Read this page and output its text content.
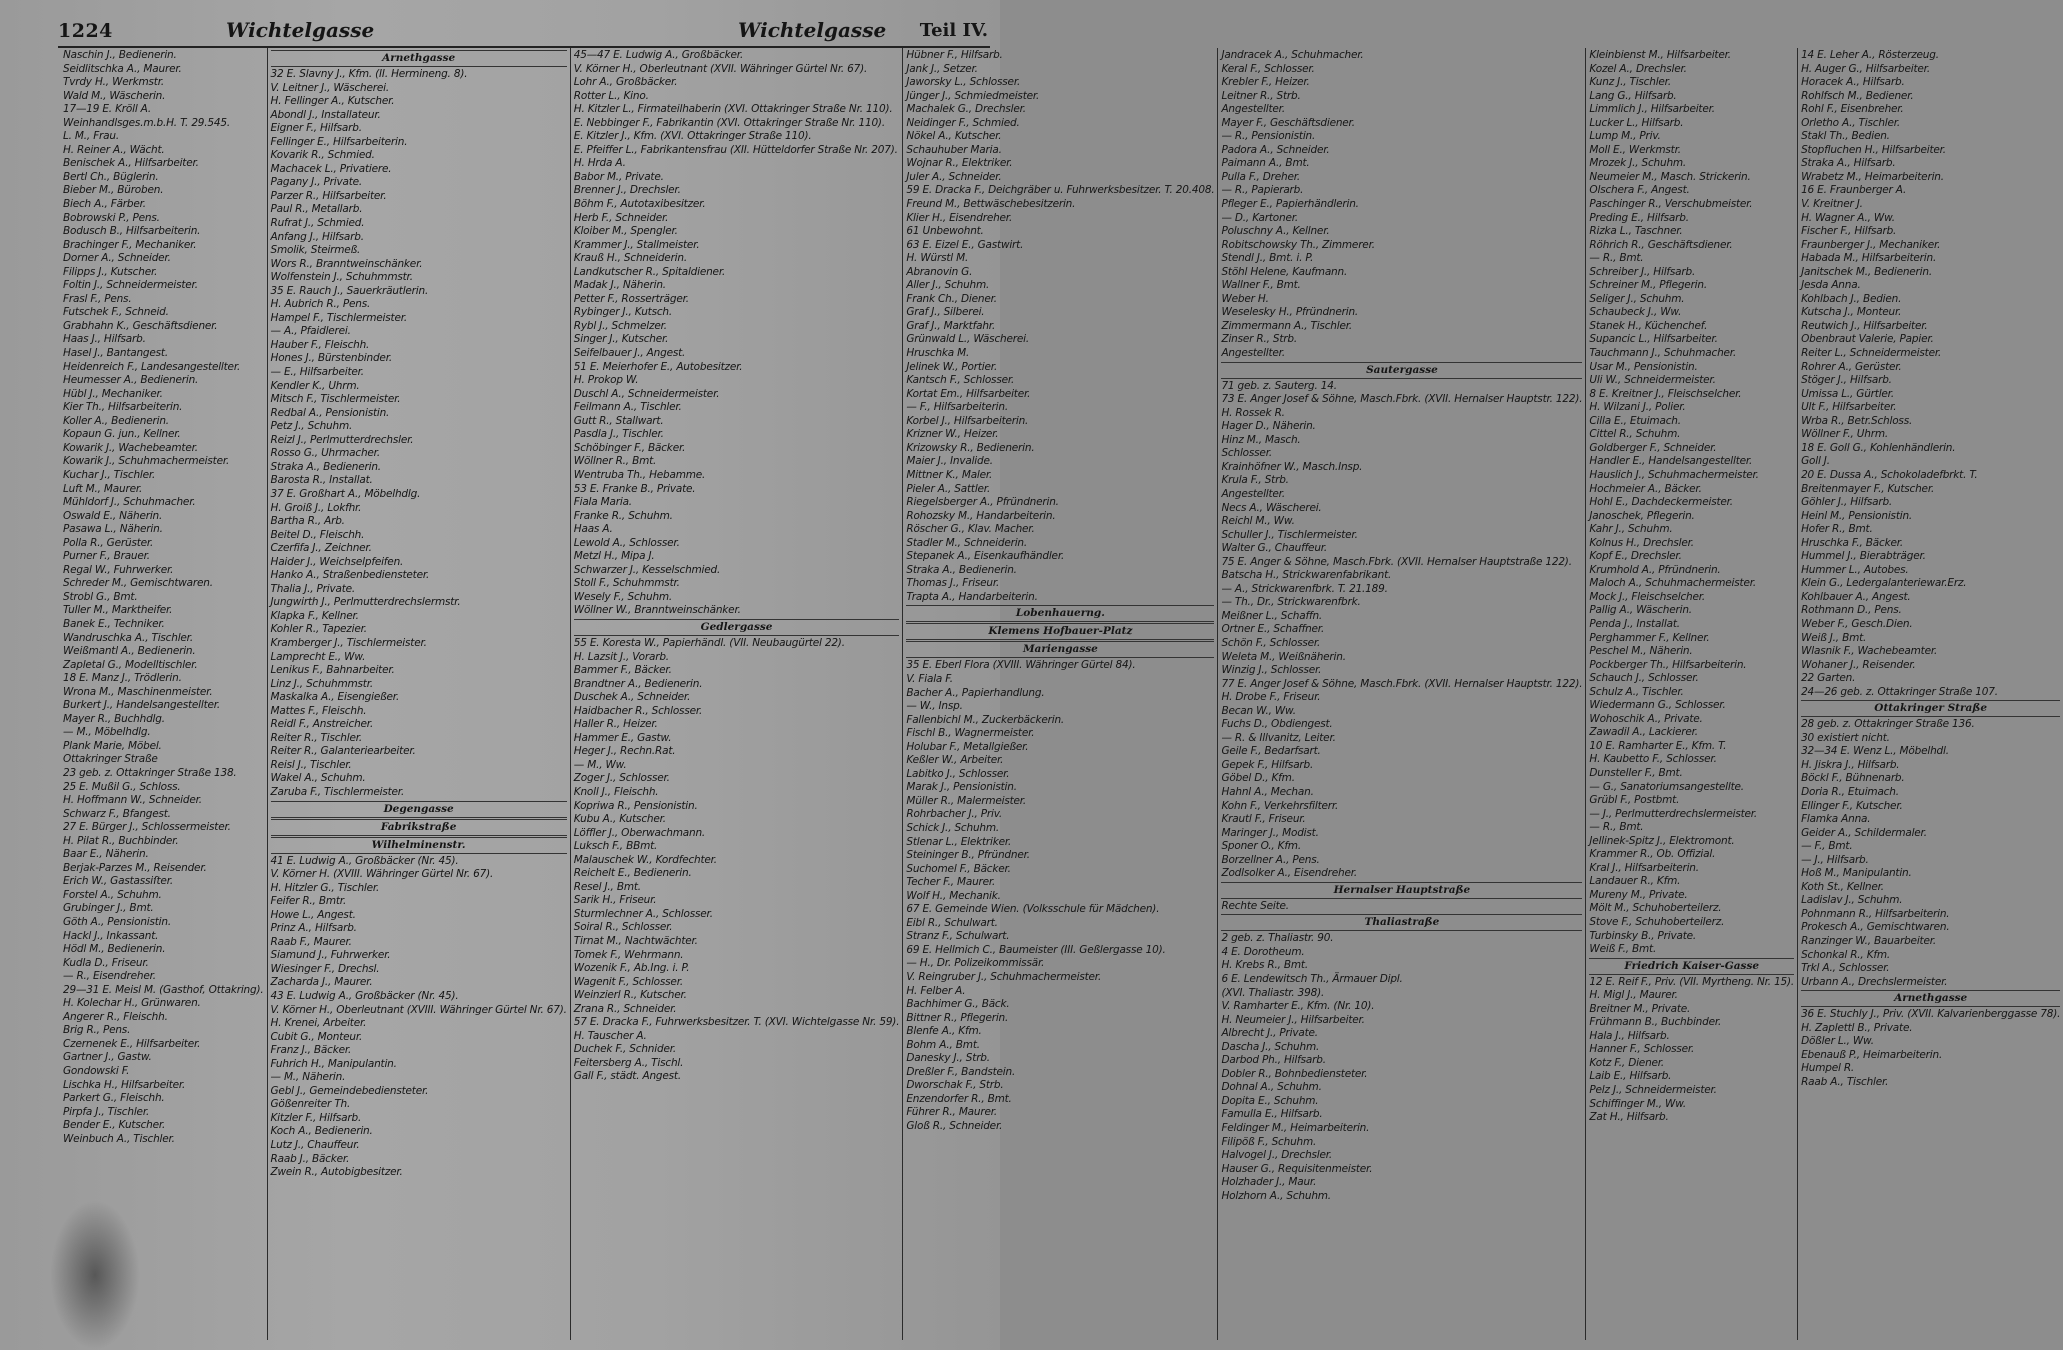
1224	Wichtelgasse	Wichtelgasse Teil IV.
Naschin J., Bedienerin.
Seidlitschka A., Maurer.
Tvrdy H., Werkmstr.
Wald M., Wäscherin.
17—19 E. Kröll A.
Weinhandlsges.m.b.H. T. 29.545.
L. M., Frau.
H. Reiner A., Wächt.
Benischek A., Hilfsarbeiter.
Bertl Ch., Büglerin.
Bieber M., Büroben.
Biech A., Färber.
Bobrowski P., Pens.
Bodusch B., Hilfsarbeiterin.
Brachinger F., Mechaniker.
Dorner A., Schneider.
Filipps J., Kutscher.
Foltin J., Schneidermeister.
Frasl F., Pens.
Futschek F., Schneid.
Grabhahn K., Geschäftsdiener.
Haas J., Hilfsarb.
Hasel J., Bantangest.
Heidenreich F., Landesangestellter.
Heumesser A., Bedienerin.
Hübl J., Mechaniker.
Kier Th., Hilfsarbeiterin.
Koller A., Bedienerin.
Kopaun G. jun., Kellner.
Kowarik J., Wachebeamter.
Kowarik J., Schuhmachermeister.
Kuchar J., Tischler.
Luft M., Maurer.
Mühldorf J., Schuhmacher.
Oswald E., Näherin.
Pasawa L., Näherin.
Polla R., Gerüster.
Purner F., Brauer.
Regal W., Fuhrwerker.
Schreder M., Gemischtwaren.
Strobl G., Bmt.
Tuller M., Marktheifer.
Banek E., Techniker.
Wandruschka A., Tischler.
Weißmantl A., Bedienerin.
Zapletal G., Modelltischler.
18 E. Manz J., Trödlerin.
Wrona M., Maschinenmeister.
Burkert J., Handelsangestellter.
Mayer R., Buchhdlg.
— M., Möbelhdlg.
Plank Marie, Möbel.
Ottakringer Straße
23 geb. z. Ottakringer Straße 138.
25 E. Mußil G., Schloss.
H. Hoffmann W., Schneider.
Schwarz F., Bfangest.
27 E. Bürger J., Schlossermeister.
H. Pilat R., Buchbinder.
Baar E., Näherin.
Berjak-Parzes M., Reisender.
Erich W., Gastassiſter.
Forstel A., Schuhm.
Grubinger J., Bmt.
Göth A., Pensionistin.
Hackl J., Inkassant.
Hödl M., Bedienerin.
Kudla D., Friseur.
— R., Eisendreher.
29—31 E. Meisl M. (Gasthof, Ottakring).
H. Kolechar H., Grünwaren.
Angerer R., Fleischh.
Brig R., Pens.
Czernenek E., Hilfsarbeiter.
Gartner J., Gastw.
Gondowski F.
Lischka H., Hilfsarbeiter.
Parkert G., Fleischh.
Pirpfa J., Tischler.
Bender E., Kutscher.
Weinbuch A., Tischler.
Arnethgasse
32 E. Slavny J., Kfm. (II. Hermineng. 8).
V. Leitner J., Wäscherei.
H. Fellinger A., Kutscher.
Abondl J., Installateur.
Eigner F., Hilfsarb.
Fellinger E., Hilfsarbeiterin.
Kovarik R., Schmied.
Machacek L., Privatiere.
Pagany J., Private.
Parzer R., Hilfsarbeiter.
Paul R., Metallarb.
Rufrat J., Schmied.
Anfang J., Hilfsarb.
Smolik, Steirmeß.
Wors R., Branntweinschänker.
Wolfenstein J., Schuhmmstr.
35 E. Rauch J., Sauerkräutlerin.
H. Aubrich R., Pens.
Hampel F., Tischlermeister.
— A., Pfaidlerei.
Hauber F., Fleischh.
Hones J., Bürstenbinder.
— E., Hilfsarbeiter.
Kendler K., Uhrm.
Mitsch F., Tischlermeister.
Redbal A., Pensionistin.
Petz J., Schuhm.
Reizl J., Perlmutterdrechsler.
Rosso G., Uhrmacher.
Straka A., Bedienerin.
Barosta R., Installat.
37 E. Großhart A., Möbelhdlg.
H. Groiß J., Lokfhr.
Bartha R., Arb.
Beitel D., Fleischh.
Czerfifa J., Zeichner.
Haider J., Weichselpfeifen.
Hanko A., Straßenbediensteter.
Thalia J., Private.
Jungwirth J., Perlmutterdrechslermstr.
Klapka F., Kellner.
Kohler R., Tapezier.
Kramberger J., Tischlermeister.
Lamprecht E., Ww.
Lenikus F., Bahnarbeiter.
Linz J., Schuhmmstr.
Maskalka A., Eisengießer.
Mattes F., Fleischh.
Reidl F., Anstreicher.
Reiter R., Tischler.
Reiter R., Galanteriearbeiter.
Reisl J., Tischler.
Wakel A., Schuhm.
Zaruba F., Tischlermeister.
Degengasse
Fabrikstraße
Wilhelminenstr.
41 E. Ludwig A., Großbäcker (Nr. 45).
V. Körner H. (XVIII. Währinger Gürtel Nr. 67).
H. Hitzler G., Tischler.
Feifer R., Bmtr.
Howe L., Angest.
Prinz A., Hilfsarb.
Raab F., Maurer.
Siamund J., Fuhrwerker.
Wiesinger F., Drechsl.
Zacharda J., Maurer.
43 E. Ludwig A., Großbäcker (Nr. 45).
V. Körner H., Oberleutnant (XVIII. Währinger Gürtel Nr. 67).
H. Krenei, Arbeiter.
Cubit G., Monteur.
Franz J., Bäcker.
Fuhrich H., Manipulantin.
— M., Näherin.
Gebl J., Gemeindebediensteter.
Gößenreiter Th.
Kitzler F., Hilfsarb.
Koch A., Bedienerin.
Lutz J., Chauffeur.
Raab J., Bäcker.
Zwein R., Autobigbesitzer.
45—47 E. Ludwig A., Großbäcker.
V. Körner H., Oberleutnant (XVII. Währinger Gürtel Nr. 67).
Lohr A., Großbäcker.
Rotter L., Kino.
H. Kitzler L., Firmateilhaberin (XVI. Ottakringer Straße Nr. 110).
E. Nebbinger F., Fabrikantin (XVI. Ottakringer Straße Nr. 110).
E. Kitzler J., Kfm. (XVI. Ottakringer Straße 110).
E. Pfeiffer L., Fabrikantensfrau (XII. Hütteldorfer Straße Nr. 207).
H. Hrda A.
Babor M., Private.
Brenner J., Drechsler.
Böhm F., Autotaxibesitzer.
Herb F., Schneider.
Kloiber M., Spengler.
Krammer J., Stallmeister.
Krauß H., Schneiderin.
Landkutscher R., Spitaldiener.
Madak J., Näherin.
Petter F., Rosserträger.
Rybinger J., Kutsch.
Rybl J., Schmelzer.
Singer J., Kutscher.
Seifelbauer J., Angest.
51 E. Meierhofer E., Autobesitzer.
H. Prokop W.
Duschl A., Schneidermeister.
Feilmann A., Tischler.
Gutt R., Stallwart.
Pasdla J., Tischler.
Schöbinger F., Bäcker.
Wöllner R., Bmt.
Wentruba Th., Hebamme.
53 E. Franke B., Private.
Fiala Maria.
Franke R., Schuhm.
Haas A.
Lewold A., Schlosser.
Metzl H., Mipa J.
Schwarzer J., Kesselschmied.
Stoll F., Schuhmmstr.
Wesely F., Schuhm.
Wöllner W., Branntweinschänker.
Gedlergasse
55 E. Koresta W., Papierhändl. (VII. Neubaugürtel 22).
H. Lazsit J., Vorarb.
Bammer F., Bäcker.
Brandtner A., Bedienerin.
Duschek A., Schneider.
Haidbacher R., Schlosser.
Haller R., Heizer.
Hammer E., Gastw.
Heger J., Rechn.Rat.
— M., Ww.
Zoger J., Schlosser.
Knoll J., Fleischh.
Kopriwa R., Pensionistin.
Kubu A., Kutscher.
Löffler J., Oberwachmann.
Luksch F., BBmt.
Malauschek W., Kordfechter.
Reichelt E., Bedienerin.
Resel J., Bmt.
Sarik H., Friseur.
Sturmlechner A., Schlosser.
Soiral R., Schlosser.
Tirnat M., Nachtwächter.
Tomek F., Wehrmann.
Wozenik F., Ab.Ing. i. P.
Wagenit F., Schlosser.
Weinzierl R., Kutscher.
Zrana R., Schneider.
57 E. Dracka F., Fuhrwerksbesitzer. T. (XVI. Wichtelgasse Nr. 59).
H. Tauscher A.
Duchek F., Schnider.
Feitersberg A., Tischl.
Gall F., städt. Angest.
Hübner F., Hilfsarb.
Jank J., Setzer.
Jaworsky L., Schlosser.
Jünger J., Schmiedmeister.
Machalek G., Drechsler.
Neidinger F., Schmied.
Nökel A., Kutscher.
Schauhuber Maria.
Wojnar R., Elektriker.
Juler A., Schneider.
59 E. Dracka F., Deichgräber u. Fuhrwerksbesitzer. T. 20.408.
Freund M., Bettwäschebesitzerin.
Klier H., Eisendreher.
61 Unbewohnt.
63 E. Eizel E., Gastwirt.
H. Würstl M.
Abranovin G.
Aller J., Schuhm.
Frank Ch., Diener.
Graf J., Silberei.
Graf J., Marktfahr.
Grünwald L., Wäscherei.
Hruschka M.
Jelinek W., Portier.
Kantsch F., Schlosser.
Kortat Em., Hilfsarbeiter.
— F., Hilfsarbeiterin.
Korbel J., Hilfsarbeiterin.
Krizner W., Heizer.
Krizowsky R., Bedienerin.
Maier J., Invalide.
Mittner K., Maler.
Pieler A., Sattler.
Riegelsberger A., Pfründnerin.
Rohozsky M., Handarbeiterin.
Röscher G., Klav. Macher.
Stadler M., Schneiderin.
Stepanek A., Eisenkaufhändler.
Straka A., Bedienerin.
Thomas J., Friseur.
Trapta A., Handarbeiterin.
Lobenhauerng.
Klemens Hofbauer-Platz
Mariengasse
35 E. Eberl Flora (XVIII. Währinger Gürtel 84).
V. Fiala F.
Bacher A., Papierhandlung.
— W., Insp.
Fallenbichl M., Zuckerbäckerin.
Fischl B., Wagnermeister.
Holubar F., Metallgießer.
Keßler W., Arbeiter.
Labitko J., Schlosser.
Marak J., Pensionistin.
Müller R., Malermeister.
Rohrbacher J., Priv.
Schick J., Schuhm.
Stlenar L., Elektriker.
Steininger B., Pfründner.
Suchomel F., Bäcker.
Techer F., Maurer.
Wolf H., Mechanik.
67 E. Gemeinde Wien. (Volksschule für Mädchen).
Eibl R., Schulwart.
Stranz F., Schulwart.
69 E. Hellmich C., Baumeister (III. Geßlergasse 10).
— H., Dr. Polizeikommissär.
V. Reingruber J., Schuhmachermeister.
H. Felber A.
Bachhimer G., Bäck.
Bittner R., Pflegerin.
Blenfe A., Kfm.
Bohm A., Bmt.
Danesky J., Strb.
Dreßler F., Bandstein.
Dworschak F., Strb.
Enzendorfer R., Bmt.
Führer R., Maurer.
Gloß R., Schneider.
Jandracek A., Schuhmacher.
Keral F., Schlosser.
Krebler F., Heizer.
Leitner R., Strb.
Angestellter.
Mayer F., Geschäftsdiener.
— R., Pensionistin.
Padora A., Schneider.
Paimann A., Bmt.
Pulla F., Dreher.
— R., Papierarb.
Pfleger E., Papierhändlerin.
— D., Kartoner.
Poluschny A., Kellner.
Robitschowsky Th., Zimmerer.
Stendl J., Bmt. i. P.
Stöhl Helene, Kaufmann.
Wallner F., Bmt.
Weber H.
Weselesky H., Pfründnerin.
Zimmermann A., Tischler.
Zinser R., Strb.
Angestellter.
Sautergasse
71 geb. z. Sauterg. 14.
73 E. Anger Josef & Söhne, Masch.Fbrk. (XVII. Hernalser Hauptstr. 122).
H. Rossek R.
Hager D., Näherin.
Hinz M., Masch.
Schlosser.
Krainhöfner W., Masch.Insp.
Krula F., Strb.
Angestellter.
Necs A., Wäscherei.
Reichl M., Ww.
Schuller J., Tischlermeister.
Walter G., Chauffeur.
75 E. Anger & Söhne, Masch.Fbrk. (XVII. Hernalser Hauptstraße 122).
Batscha H., Strickwarenfabrikant.
— A., Strickwarenfbrk. T. 21.189.
— Th., Dr., Strickwarenfbrk.
Meißner L., Schaffn.
Ortner E., Schaffner.
Schön F., Schlosser.
Weleta M., Weißnäherin.
Winzig J., Schlosser.
77 E. Anger Josef & Söhne, Masch.Fbrk. (XVII. Hernalser Hauptstr. 122).
H. Drobe F., Friseur.
Becan W., Ww.
Fuchs D., Obdiengest.
— R. & Illvanitz, Leiter.
Geile F., Bedarfsart.
Gepek F., Hilfsarb.
Göbel D., Kfm.
Hahnl A., Mechan.
Kohn F., Verkehrsfilterr.
Krautl F., Friseur.
Maringer J., Modist.
Sponer O., Kfm.
Borzellner A., Pens.
Zodlsolker A., Eisendreher.
Hernalser Hauptstraße
Rechte Seite.
Thaliastraße
2 geb. z. Thaliastr. 90.
4 E. Dorotheum.
H. Krebs R., Bmt.
6 E. Lendewitsch Th., Ärmauer Dipl.
(XVI. Thaliastr. 398).
V. Ramharter E., Kfm. (Nr. 10).
H. Neumeier J., Hilfsarbeiter.
Albrecht J., Private.
Dascha J., Schuhm.
Darbod Ph., Hilfsarb.
Dobler R., Bohnbediensteter.
Dohnal A., Schuhm.
Dopita E., Schuhm.
Famulla E., Hilfsarb.
Feldinger M., Heimarbeiterin.
Filipöß F., Schuhm.
Halvogel J., Drechsler.
Hauser G., Requisitenmeister.
Holzhader J., Maur.
Holzhorn A., Schuhm.
Kleinbienst M., Hilfsarbeiter.
Kozel A., Drechsler.
Kunz J., Tischler.
Lang G., Hilfsarb.
Limmlich J., Hilfsarbeiter.
Lucker L., Hilfsarb.
Lump M., Priv.
Moll E., Werkmstr.
Mrozek J., Schuhm.
Neumeier M., Masch. Strickerin.
Olschera F., Angest.
Paschinger R., Verschubmeister.
Preding E., Hilfsarb.
Rizka L., Taschner.
Röhrich R., Geschäftsdiener.
— R., Bmt.
Schreiber J., Hilfsarb.
Schreiner M., Pflegerin.
Seliger J., Schuhm.
Schaubeck J., Ww.
Stanek H., Küchenchef.
Supancic L., Hilfsarbeiter.
Tauchmann J., Schuhmacher.
Usar M., Pensionistin.
Uli W., Schneidermeister.
8 E. Kreitner J., Fleischselcher.
H. Wilzani J., Polier.
Cilla E., Etuimach.
Cittel R., Schuhm.
Goldberger F., Schneider.
Handler E., Handelsangestellter.
Hauslich J., Schuhmachermeister.
Hochmeier A., Bäcker.
Hohl E., Dachdeckermeister.
Janoschek, Pflegerin.
Kahr J., Schuhm.
Kolnus H., Drechsler.
Kopf E., Drechsler.
Krumhold A., Pfründnerin.
Maloch A., Schuhmachermeister.
Mock J., Fleischselcher.
Pallig A., Wäscherin.
Penda J., Installat.
Perghammer F., Kellner.
Peschel M., Näherin.
Pockberger Th., Hilfsarbeiterin.
Schauch J., Schlosser.
Schulz A., Tischler.
Wiedermann G., Schlosser.
Wohoschik A., Private.
Zawadil A., Lackierer.
10 E. Ramharter E., Kfm. T.
H. Kaubetto F., Schlosser.
Dunsteller F., Bmt.
— G., Sanatoriumsangestellte.
Grübl F., Postbmt.
— J., Perlmutterdrechslermeister.
— R., Bmt.
Jellinek-Spitz J., Elektromont.
Krammer R., Ob. Offizial.
Kral J., Hilfsarbeiterin.
Landauer R., Kfm.
Mureny M., Private.
Mölt M., Schuhoberteilerz.
Stove F., Schuhoberteilerz.
Turbinsky B., Private.
Weiß F., Bmt.
Friedrich Kaiser-Gasse
12 E. Reif F., Priv. (VII. Myrtheng. Nr. 15).
H. Migl J., Maurer.
Breitner M., Private.
Frühmann B., Buchbinder.
Hala J., Hilfsarb.
Hanner F., Schlosser.
Kotz F., Diener.
Laib E., Hilfsarb.
Pelz J., Schneidermeister.
Schiffinger M., Ww.
Zat H., Hilfsarb.
14 E. Leher A., Rösterzeug.
H. Auger G., Hilfsarbeiter.
Horacek A., Hilfsarb.
Rohlfsch M., Bediener.
Rohl F., Eisenbreher.
Orletho A., Tischler.
Stakl Th., Bedien.
Stopfluchen H., Hilfsarbeiter.
Straka A., Hilfsarb.
Wrabetz M., Heimarbeiterin.
16 E. Fraunberger A.
V. Kreitner J.
H. Wagner A., Ww.
Fischer F., Hilfsarb.
Fraunberger J., Mechaniker.
Habada M., Hilfsarbeiterin.
Janitschek M., Bedienerin.
Jesda Anna.
Kohlbach J., Bedien.
Kutscha J., Monteur.
Reutwich J., Hilfsarbeiter.
Obenbraut Valerie, Papier.
Reiter L., Schneidermeister.
Rohrer A., Gerüster.
Stöger J., Hilfsarb.
Umissa L., Gürtler.
Ult F., Hilfsarbeiter.
Wrba R., Betr.Schloss.
Wöllner F., Uhrm.
18 E. Goll G., Kohlenhändlerin.
Goll J.
20 E. Dussa A., Schokoladefbrkt. T.
Breitenmayer F., Kutscher.
Göhler J., Hilfsarb.
Heinl M., Pensionistin.
Hofer R., Bmt.
Hruschka F., Bäcker.
Hummel J., Bierabträger.
Hummer L., Autobes.
Klein G., Ledergalanteriewar.Erz.
Kohlbauer A., Angest.
Rothmann D., Pens.
Weber F., Gesch.Dien.
Weiß J., Bmt.
Wlasnik F., Wachebeamter.
Wohaner J., Reisender.
22 Garten.
24—26 geb. z. Ottakringer Straße 107.
Ottakringer Straße
28 geb. z. Ottakringer Straße 136.
30 existiert nicht.
32—34 E. Wenz L., Möbelhdl.
H. Jiskra J., Hilfsarb.
Böckl F., Bühnenarb.
Doria R., Etuimach.
Ellinger F., Kutscher.
Flamka Anna.
Geider A., Schildermaler.
— F., Bmt.
— J., Hilfsarb.
Hoß M., Manipulantin.
Koth St., Kellner.
Ladislav J., Schuhm.
Pohnmann R., Hilfsarbeiterin.
Prokesch A., Gemischtwaren.
Ranzinger W., Bauarbeiter.
Schonkal R., Kfm.
Trkl A., Schlosser.
Urbann A., Drechslermeister.
Arnethgasse
36 E. Stuchly J., Priv. (XVII. Kalvarienberggasse 78).
H. Zaplettl B., Private.
Dößler L., Ww.
Ebenauß P., Heimarbeiterin.
Humpel R.
Raab A., Tischler.
